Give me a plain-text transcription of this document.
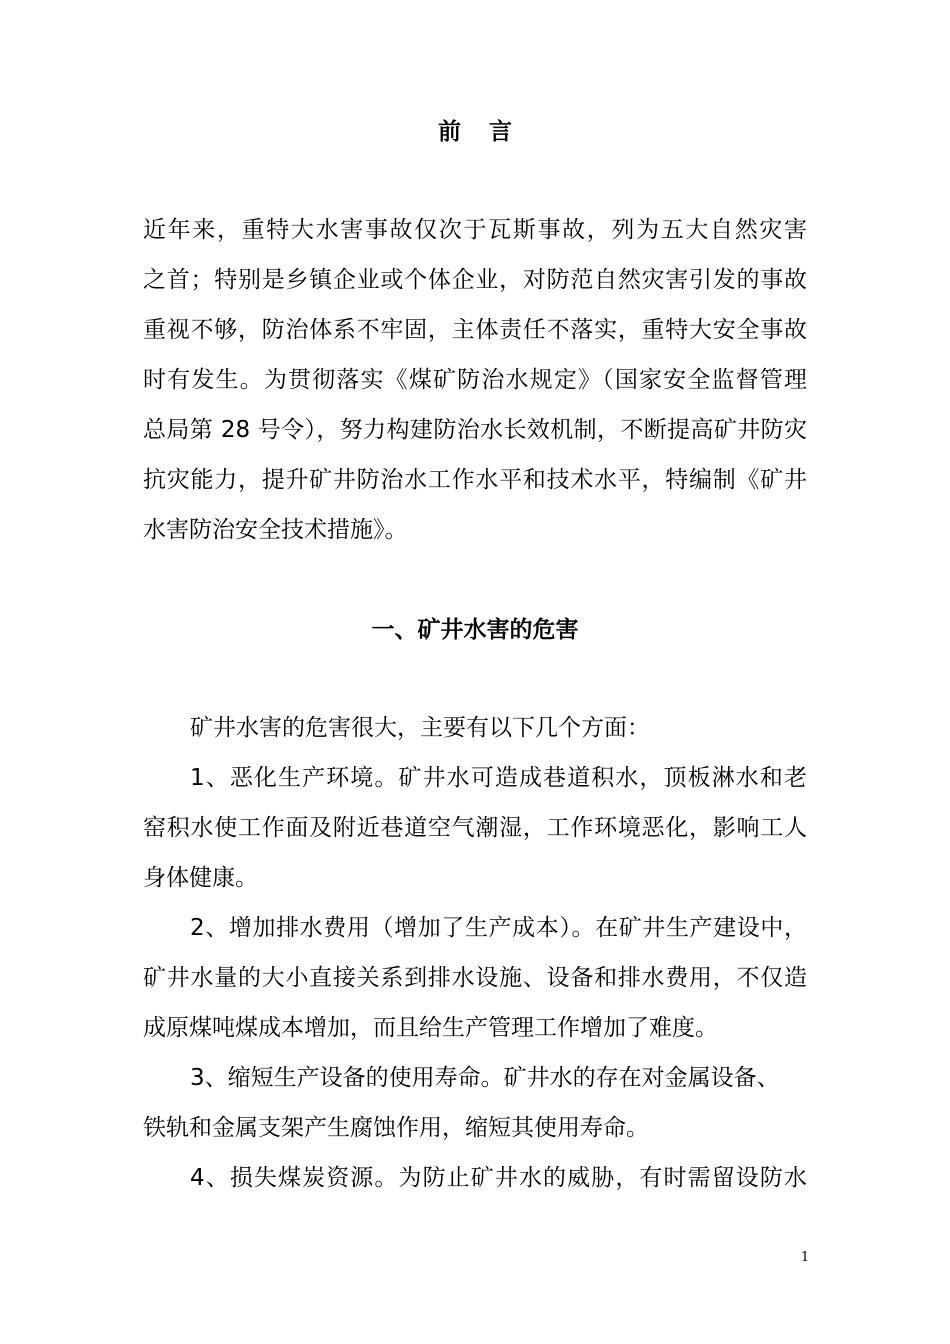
前言
近年来，重特大水害事故仅次于瓦斯事故，列为五大自然灾害
之首；特别是乡镇企业或个体企业，对防范自然灾害引发的事故
重视不够，防治体系不牢固，主体责任不落实，重特大安全事故
时有发生。为贯彻落实《煤矿防治水规定》（国家安全监督管理
总局第 28 号令），努力构建防治水长效机制，不断提高矿井防灾
抗灾能力，提升矿井防治水工作水平和技术水平，特编制《矿井
水害防治安全技术措施》。
一、矿井水害的危害
矿井水害的危害很大，主要有以下几个方面：
1、恶化生产环境。矿井水可造成巷道积水，顶板淋水和老
窑积水使工作面及附近巷道空气潮湿，工作环境恶化，影响工人
身体健康。
2、增加排水费用（增加了生产成本）。在矿井生产建设中，
矿井水量的大小直接关系到排水设施、设备和排水费用，不仅造
成原煤吨煤成本增加，而且给生产管理工作增加了难度。
3、缩短生产设备的使用寿命。矿井水的存在对金属设备、
铁轨和金属支架产生腐蚀作用，缩短其使用寿命。
4、损失煤炭资源。为防止矿井水的威胁，有时需留设防水
1
